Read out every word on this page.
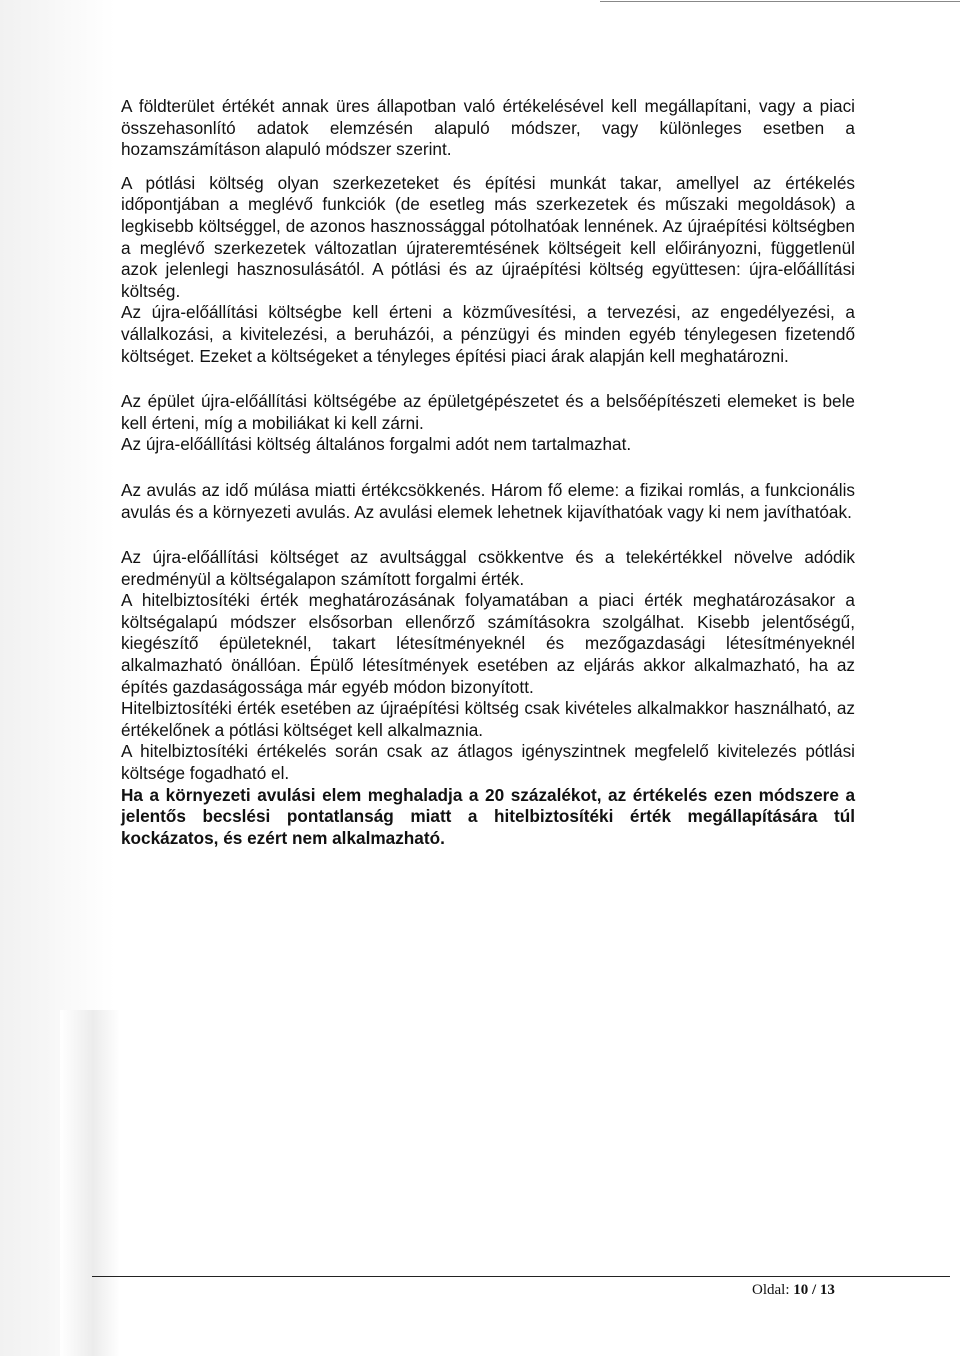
A földterület értékét annak üres állapotban való értékelésével kell megállapítani, vagy a piaci összehasonlító adatok elemzésén alapuló módszer, vagy különleges esetben a hozamszámításon alapuló módszer szerint.

A pótlási költség olyan szerkezeteket és építési munkát takar, amellyel az értékelés időpontjában a meglévő funkciók (de esetleg más szerkezetek és műszaki megoldások) a legkisebb költséggel, de azonos hasznossággal pótolhatóak lennének. Az újraépítési költségben a meglévő szerkezetek változatlan újrateremtésének költségeit kell előirányozni, függetlenül azok jelenlegi hasznosulásától. A pótlási és az újraépítési költség együttesen: újra-előállítási költség.

Az újra-előállítási költségbe kell érteni a közművesítési, a tervezési, az engedélyezési, a vállalkozási, a kivitelezési, a beruházói, a pénzügyi és minden egyéb ténylegesen fizetendő költséget. Ezeket a költségeket a tényleges építési piaci árak alapján kell meghatározni.

Az épület újra-előállítási költségébe az épületgépészetet és a belsőépítészeti elemeket is bele kell érteni, míg a mobiliákat ki kell zárni.

Az újra-előállítási költség általános forgalmi adót nem tartalmazhat.

Az avulás az idő múlása miatti értékcsökkenés. Három fő eleme: a fizikai romlás, a funkcionális avulás és a környezeti avulás. Az avulási elemek lehetnek kijavíthatóak vagy ki nem javíthatóak.

Az újra-előállítási költséget az avultsággal csökkentve és a telekértékkel növelve adódik eredményül a költségalapon számított forgalmi érték.

A hitelbiztosítéki érték meghatározásának folyamatában a piaci érték meghatározásakor a költségalapú módszer elsősorban ellenőrző számításokra szolgálhat. Kisebb jelentőségű, kiegészítő épületeknél, takart létesítményeknél és mezőgazdasági létesítményeknél alkalmazható önállóan. Épülő létesítmények esetében az eljárás akkor alkalmazható, ha az építés gazdaságossága már egyéb módon bizonyított.

Hitelbiztosítéki érték esetében az újraépítési költség csak kivételes alkalmakkor használható, az értékelőnek a pótlási költséget kell alkalmaznia.

A hitelbiztosítéki értékelés során csak az átlagos igényszintnek megfelelő kivitelezés pótlási költsége fogadható el.

Ha a környezeti avulási elem meghaladja a 20 százalékot, az értékelés ezen módszere a jelentős becslési pontatlanság miatt a hitelbiztosítéki érték megállapítására túl kockázatos, és ezért nem alkalmazható.

Oldal: 10 / 13
